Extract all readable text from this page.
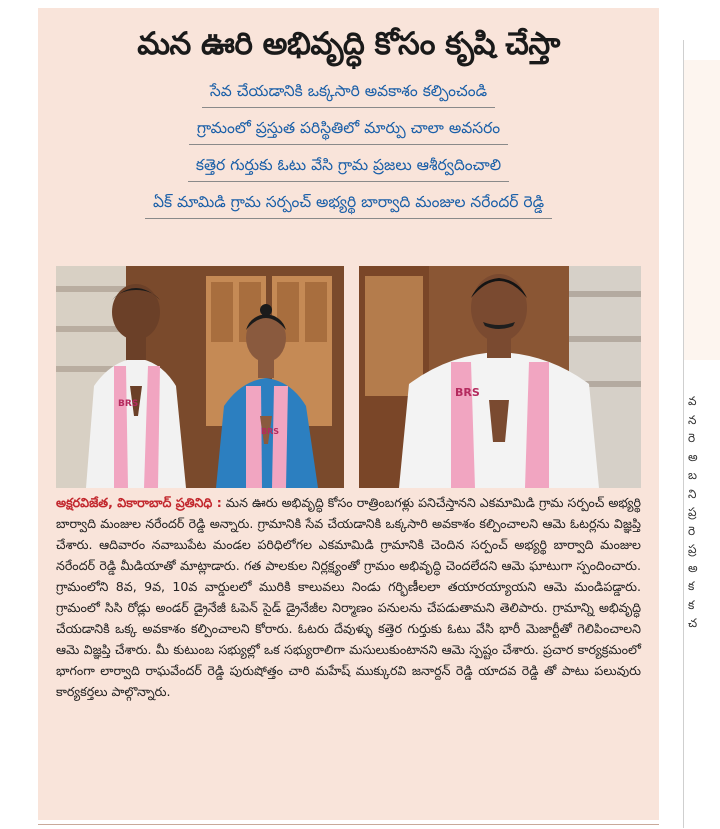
మన ఊరి అభివృద్ధి కోసం కృషి చేస్తా
సేవ చేయడానికి ఒక్కసారి అవకాశం కల్పించండి
గ్రామంలో ప్రస్తుత పరిస్థితిలో మార్పు చాలా అవసరం
కత్తెర గుర్తుకు ఓటు వేసి గ్రామ ప్రజలు ఆశీర్వదించాలి
ఏక్ మామిడి గ్రామ సర్పంచ్ అభ్యర్థి బార్వాది మంజుల నరేందర్ రెడ్డి
BRS
BRS
BRS
అక్షరవిజేత, వికారాబాద్ ప్రతినిధి : మన ఊరు అభివృద్ధి కోసం రాత్రింబగళ్లు పనిచేస్తానని ఎకమామిడి గ్రామ సర్పంచ్ అభ్యర్థి బార్వాది మంజుల నరేందర్ రెడ్డి అన్నారు. గ్రామానికి సేవ చేయడానికి ఒక్కసారి అవకాశం కల్పించాలని ఆమె ఓటర్లను విజ్ఞప్తి చేశారు. ఆదివారం నవాబుపేట మండల పరిధిలోగల ఎకమామిడి గ్రామానికి చెందిన సర్పంచ్ అభ్యర్థి బార్వాది మంజుల నరేందర్ రెడ్డి మీడియాతో మాట్లాడారు. గత పాలకుల నిర్లక్ష్యంతో గ్రామం అభివృద్ధి చెందలేదని ఆమె ఘాటుగా స్పందించారు. గ్రామంలోని 8వ, 9వ, 10వ వార్డులలో మురికి కాలువలు నిండు గర్భిణీలలా తయారయ్యాయని ఆమె మండిపడ్డారు. గ్రామంలో సిసి రోడ్లు అండర్ డ్రైనేజీ ఓపెన్ సైడ్ డ్రైనేజీల నిర్మాణం పనులను చేపడుతామని తెలిపారు. గ్రామాన్ని అభివృద్ధి చేయడానికి ఒక్క అవకాశం కల్పించాలని కోరారు. ఓటరు దేవుళ్ళు కత్తెర గుర్తుకు ఓటు వేసి భారీ మెజార్టీతో గెలిపించాలని ఆమె విజ్ఞప్తి చేశారు. మీ కుటుంబ సభ్యుల్లో ఒక సభ్యురాలిగా మసులుకుంటానని ఆమె స్పష్టం చేశారు. ప్రచార కార్యక్రమంలో భాగంగా లార్వాది రాఘవేందర్ రెడ్డి పురుషోత్తం చారి మహేష్ ముక్కురవి జనార్దన్ రెడ్డి యాదవ రెడ్డి తో పాటు పలువురు కార్యకర్తలు పాల్గొన్నారు.
వ
న
రె
అ
బ
ని
ప్ర
రె
ప్ర
అ
క
క
చ
